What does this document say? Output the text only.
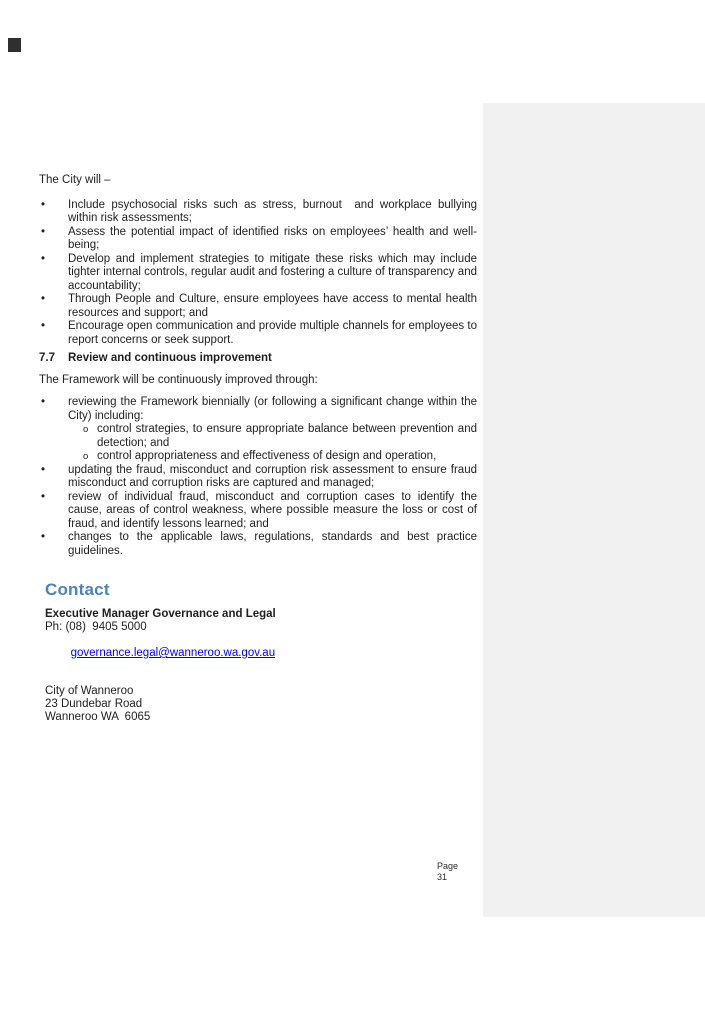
The City will –
•
Include psychosocial risks such as stress, burnout  and workplace bullying within risk assessments;
•
Assess the potential impact of identified risks on employees’ health and well-being;
•
Develop and implement strategies to mitigate these risks which may include tighter internal controls, regular audit and fostering a culture of transparency and accountability;
•
Through People and Culture, ensure employees have access to mental health resources and support; and
•
Encourage open communication and provide multiple channels for employees to report concerns or seek support.
7.7	Review and continuous improvement
The Framework will be continuously improved through:
•
reviewing the Framework biennially (or following a significant change within the City) including:
o
control strategies, to ensure appropriate balance between prevention and detection; and
o
control appropriateness and effectiveness of design and operation,
•
updating the fraud, misconduct and corruption risk assessment to ensure fraud misconduct and corruption risks are captured and managed;
•
review of individual fraud, misconduct and corruption cases to identify the cause, areas of control weakness, where possible measure the loss or cost of fraud, and identify lessons learned; and
•
changes to the applicable laws, regulations, standards and best practice guidelines.
Contact
Executive Manager Governance and Legal
Ph: (08)  9405 5000

governance.legal@wanneroo.wa.gov.au

City of Wanneroo
23 Dundebar Road
Wanneroo WA  6065
Page 31
